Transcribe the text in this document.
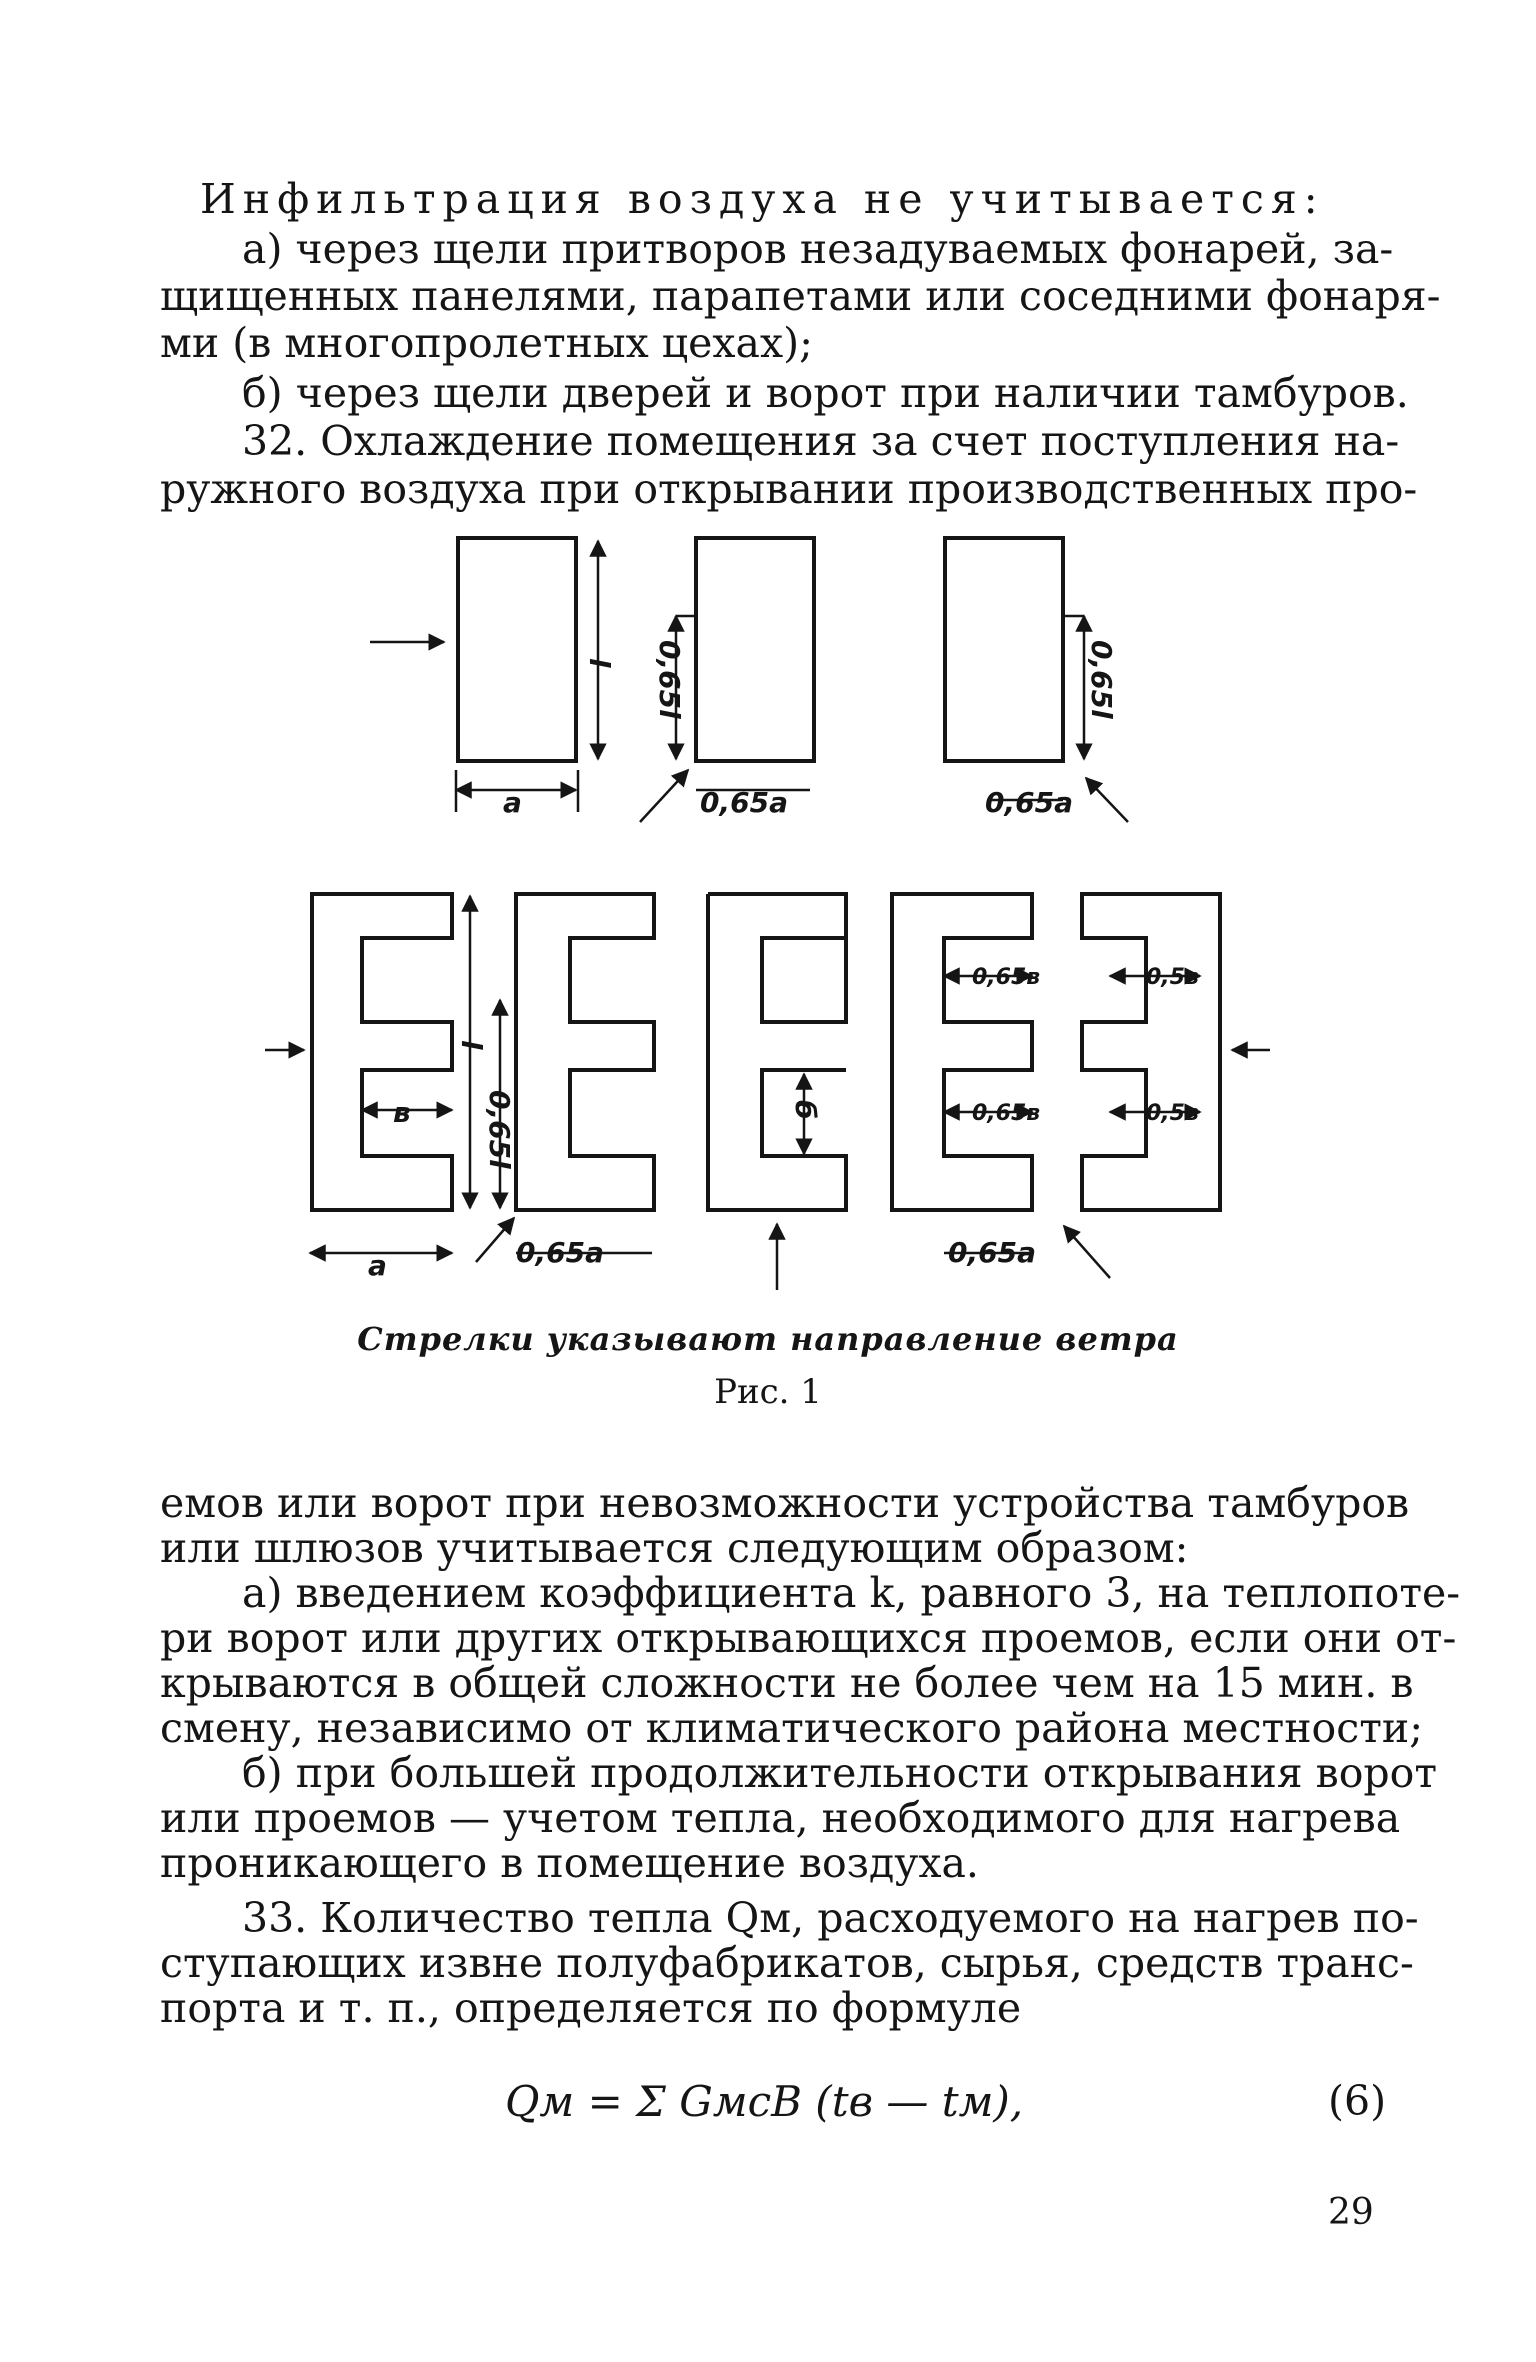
Инфильтрация воздуха не учитывается:
а) через щели притворов незадуваемых фонарей, за-
щищенных панелями, парапетами или соседними фонаря-
ми (в многопролетных цехах);
б) через щели дверей и ворот при наличии тамбуров.
32. Охлаждение помещения за счет поступления на-
ружного воздуха при открывании производственных про-
a
l 0,65l
0,65a
0,65l
0,65a
l
0,65l
в
a	0,65a
б
0,65в
0,65в
0,65a
0,5в
0,5в
Стрелки указывают направление ветра
Рис. 1
емов или ворот при невозможности устройства тамбуров
или шлюзов учитывается следующим образом:
а) введением коэффициента k, равного 3, на теплопоте-
ри ворот или других открывающихся проемов, если они от-
крываются в общей сложности не более чем на 15 мин. в
смену, независимо от климатического района местности;
б) при большей продолжительности открывания ворот
или проемов — учетом тепла, необходимого для нагрева
проникающего в помещение воздуха.
33. Количество тепла Qм, расходуемого на нагрев по-
ступающих извне полуфабрикатов, сырья, средств транс-
порта и т. п., определяется по формуле
Qм = Σ GмcB (tв — tм),	(6)
29
